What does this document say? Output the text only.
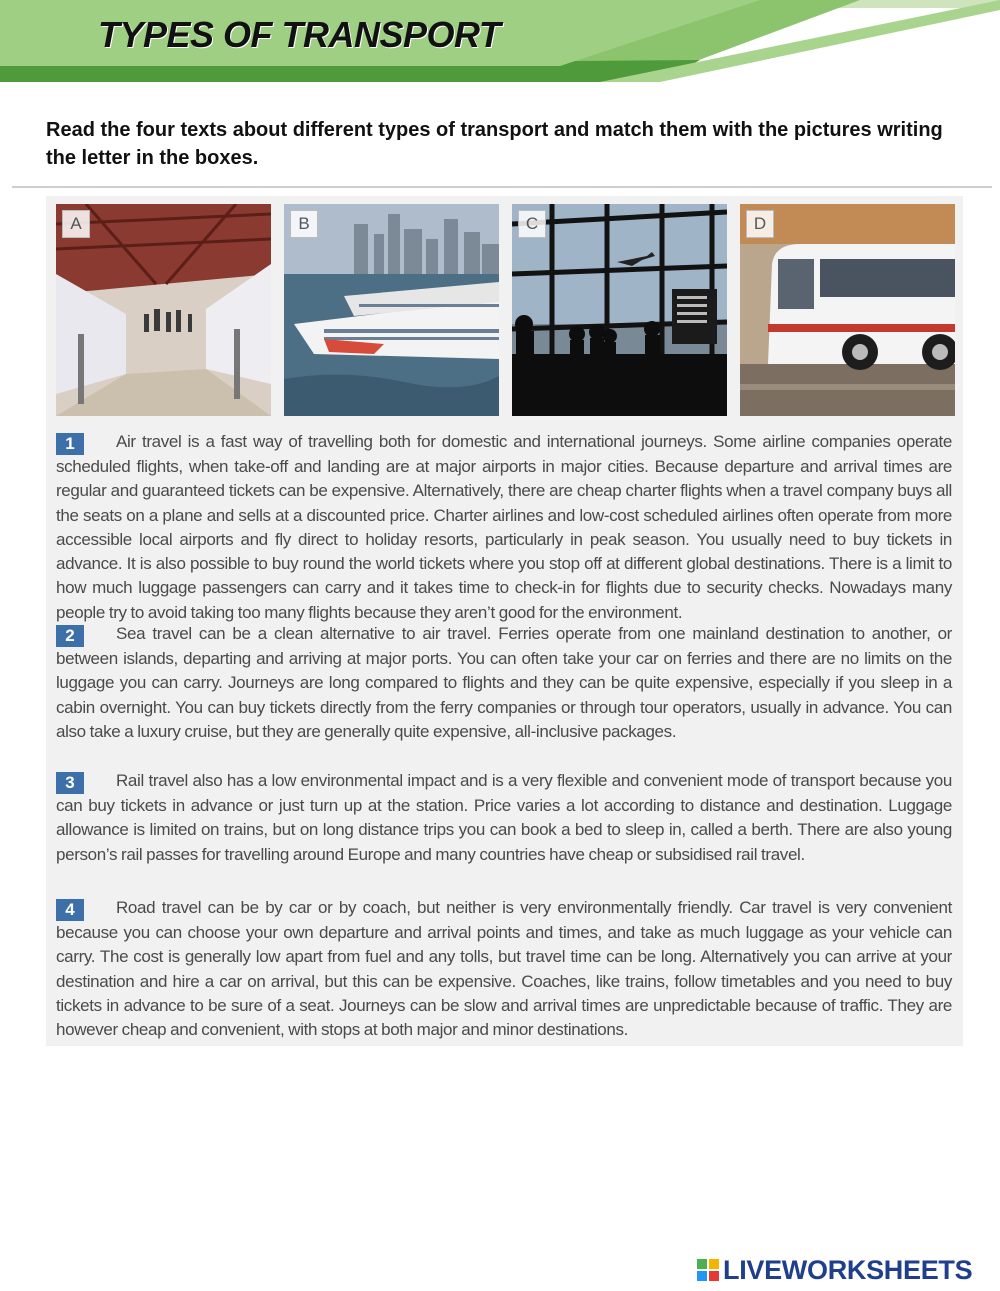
TYPES OF TRANSPORT

Read the four texts about different types of transport and match them with the pictures writing the letter in the boxes.

A	B	C	D

1 Air travel is a fast way of travelling both for domestic and international journeys. Some airline companies operate scheduled flights, when take-off and landing are at major airports in major cities. Because departure and arrival times are regular and guaranteed tickets can be expensive. Alternatively, there are cheap charter flights when a travel company buys all the seats on a plane and sells at a discounted price. Charter airlines and low-cost scheduled airlines often operate from more accessible local airports and fly direct to holiday resorts, particularly in peak season. You usually need to buy tickets in advance. It is also possible to buy round the world tickets where you stop off at different global destinations. There is a limit to how much luggage passengers can carry and it takes time to check-in for flights due to security checks. Nowadays many people try to avoid taking too many flights because they aren’t good for the environment.

2 Sea travel can be a clean alternative to air travel. Ferries operate from one mainland destination to another, or between islands, departing and arriving at major ports. You can often take your car on ferries and there are no limits on the luggage you can carry. Journeys are long compared to flights and they can be quite expensive, especially if you sleep in a cabin overnight. You can buy tickets directly from the ferry companies or through tour operators, usually in advance. You can also take a luxury cruise, but they are generally quite expensive, all-inclusive packages.

3 Rail travel also has a low environmental impact and is a very flexible and convenient mode of transport because you can buy tickets in advance or just turn up at the station. Price varies a lot according to distance and destination. Luggage allowance is limited on trains, but on long distance trips you can book a bed to sleep in, called a berth. There are also young person’s rail passes for travelling around Europe and many countries have cheap or subsidised rail travel.

4 Road travel can be by car or by coach, but neither is very environmentally friendly. Car travel is very convenient because you can choose your own departure and arrival points and times, and take as much luggage as your vehicle can carry. The cost is generally low apart from fuel and any tolls, but travel time can be long. Alternatively you can arrive at your destination and hire a car on arrival, but this can be expensive. Coaches, like trains, follow timetables and you need to buy tickets in advance to be sure of a seat. Journeys can be slow and arrival times are unpredictable because of traffic. They are however cheap and convenient, with stops at both major and minor destinations.

LIVEWORKSHEETS
